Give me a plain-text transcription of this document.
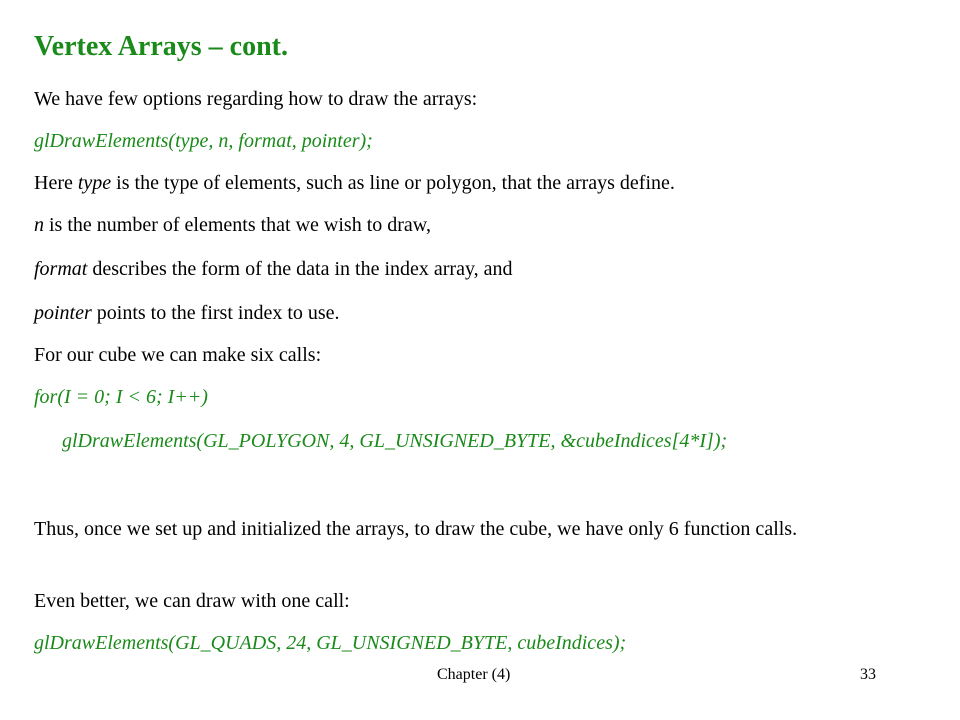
Vertex Arrays – cont.
We have few options regarding how to draw the arrays:
glDrawElements(type, n, format, pointer);
Here type is the type of elements, such as line or polygon, that the arrays define.
n is the number of elements that we wish to draw,
format describes the form of the data in the index array, and
pointer points to the first index to use.
For our cube we can make six calls:
for(I = 0; I < 6; I++)
glDrawElements(GL_POLYGON, 4, GL_UNSIGNED_BYTE, &cubeIndices[4*I]);
Thus, once we set up and initialized the arrays, to draw the cube, we have only 6 function calls.
Even better, we can draw with one call:
glDrawElements(GL_QUADS, 24, GL_UNSIGNED_BYTE, cubeIndices);
Chapter (4)	33
